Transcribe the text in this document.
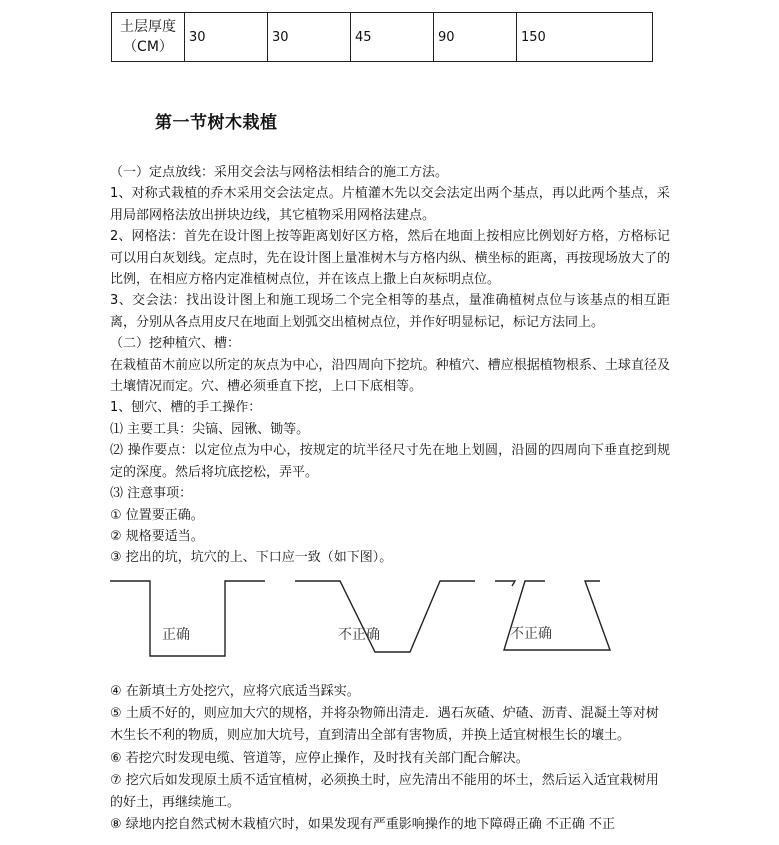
土层厚度
（CM）
	30	30	45	90	150
第一节树木栽植

（一）定点放线：采用交会法与网格法相结合的施工方法。

1、对称式栽植的乔木采用交会法定点。片植灌木先以交会法定出两个基点，再以此两个基点，采用局部网格法放出拼块边线，其它植物采用网格法建点。

2、网格法：首先在设计图上按等距离划好区方格，然后在地面上按相应比例划好方格，方格标记可以用白灰划线。定点时，先在设计图上量准树木与方格内纵、横坐标的距离，再按现场放大了的比例，在相应方格内定准植树点位，并在该点上撒上白灰标明点位。

3、交会法：找出设计图上和施工现场二个完全相等的基点，量准确植树点位与该基点的相互距离，分别从各点用皮尺在地面上划弧交出植树点位，并作好明显标记，标记方法同上。

（二）挖种植穴、槽：

在栽植苗木前应以所定的灰点为中心，沿四周向下挖坑。种植穴、槽应根据植物根系、土球直径及土壤情况而定。穴、槽必须垂直下挖，上口下底相等。

1、刨穴、槽的手工操作：

⑴ 主要工具：尖镐、园锹、锄等。

⑵ 操作要点：以定位点为中心，按规定的坑半径尺寸先在地上划圆，沿圆的四周向下垂直挖到规定的深度。然后将坑底挖松，弄平。

⑶ 注意事项：

① 位置要正确。

② 规格要适当。

③ 挖出的坑，坑穴的上、下口应一致（如下图）。

正确	不正确	不正确

④ 在新填土方处挖穴，应将穴底适当踩实。

⑤ 土质不好的，则应加大穴的规格，并将杂物筛出清走．遇石灰碴、炉碴、沥青、混凝土等对树木生长不利的物质，则应加大坑号，直到清出全部有害物质，并换上适宜树根生长的壤土。

⑥ 若挖穴时发现电缆、管道等，应停止操作，及时找有关部门配合解决。

⑦ 挖穴后如发现原土质不适宜植树，必须换土时，应先清出不能用的坏土，然后运入适宜栽树用的好土，再继续施工。

⑧ 绿地内挖自然式树木栽植穴时，如果发现有严重影响操作的地下障碍正确 不正确 不正
